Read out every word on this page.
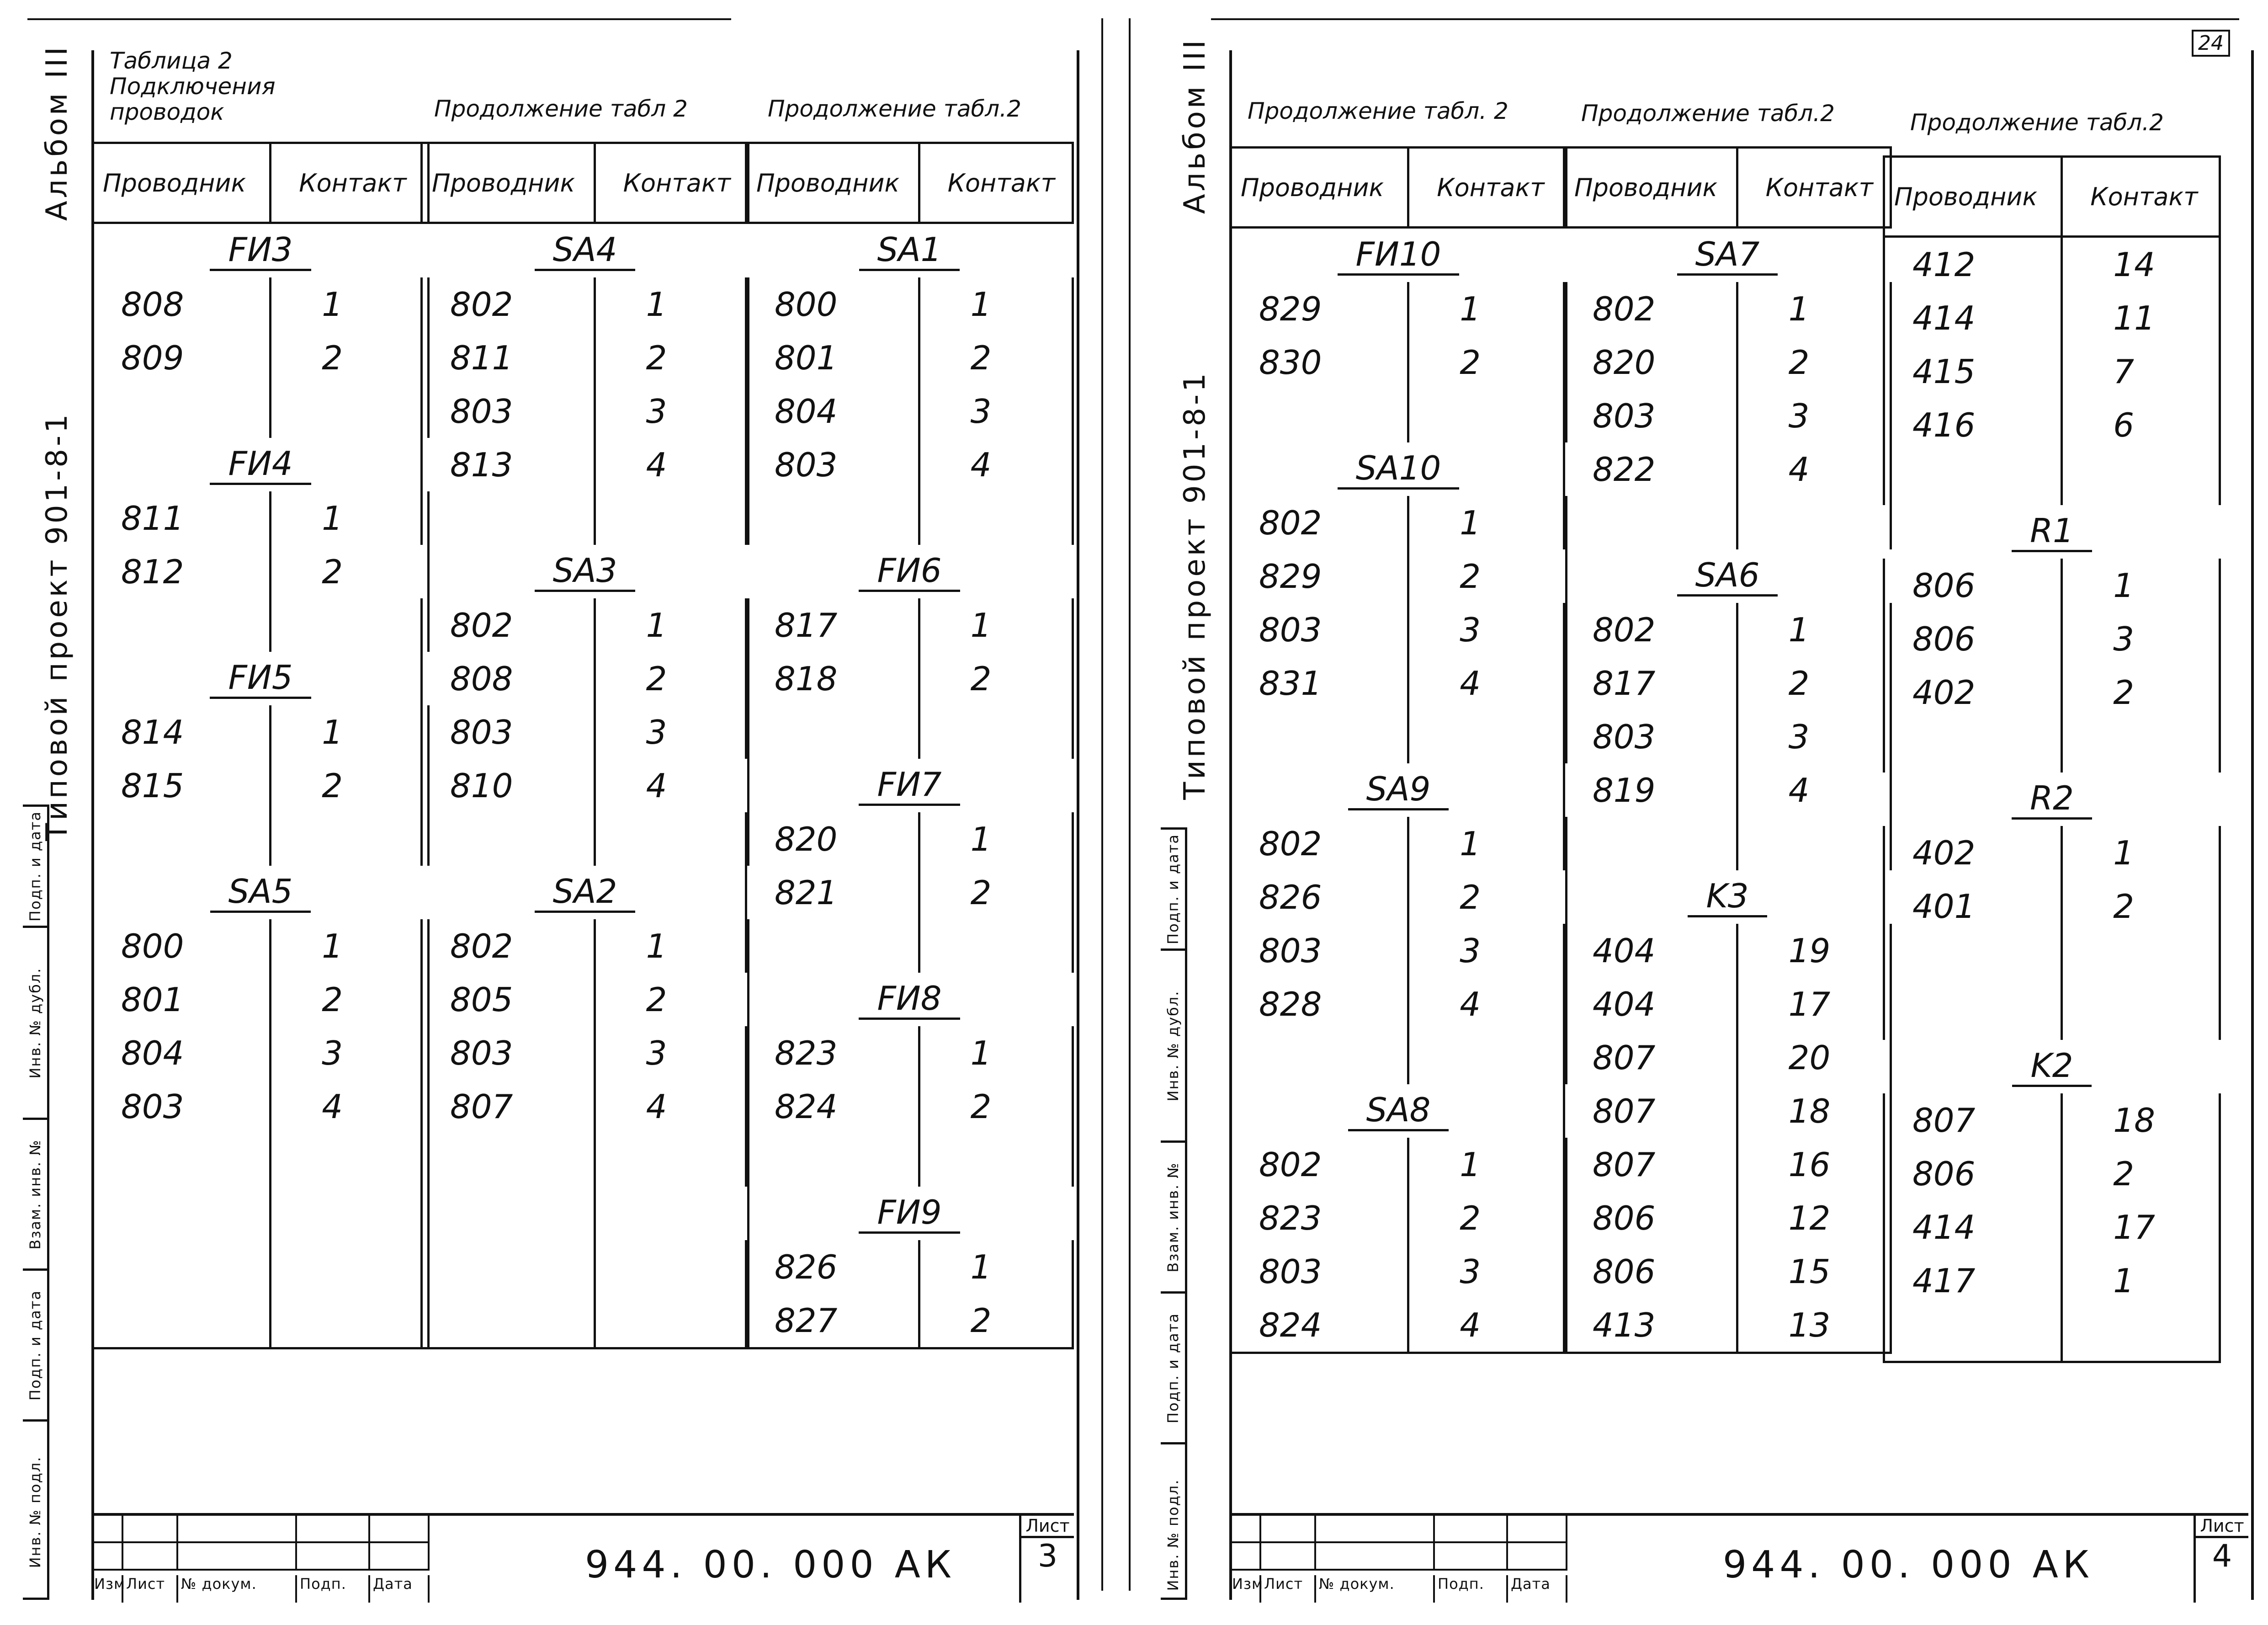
Альбом III
Типовой проект 901-8-1
Подп. и дата
Инв. № дубл.
Взам. инв. №
Подп. и дата
Инв. № подл.
Таблица 2 Подключения проводок	Продолжение табл 2	Продолжение табл.2
Проводник	Контакт
FИ3	
808	1
809	2

FИ4	
811	1
812	2

FИ5	
814	1
815	2

SA5	
800	1
801	2
804	3
803	4

Проводник	Контакт
SA4	
802	1
811	2
803	3
813	4

SA3	
802	1
808	2
803	3
810	4

SA2	
802	1
805	2
803	3
807	4

Проводник	Контакт
SA1	
800	1
801	2
804	3
803	4

FИ6	
817	1
818	2

FИ7	
820	1
821	2

FИ8	
823	1
824	2

FИ9	
826	1
827	2
Изм Лист	№ докум.	Подп.	Дата	944. 00. 000 АК
Лист
3
24
Альбом III
Типовой проект 901-8-1
Подп. и дата
Инв. № дубл.
Взам. инв. №
Подп. и дата
Инв. № подл.
Продолжение табл. 2	Продолжение табл.2	Продолжение табл.2
Проводник	Контакт
FИ10	
829	1
830	2

SA10	
802	1
829	2
803	3
831	4

SA9	
802	1
826	2
803	3
828	4

SA8	
802	1
823	2
803	3
824	4
Проводник	Контакт
SA7	
802	1
820	2
803	3
822	4

SA6	
802	1
817	2
803	3
819	4

K3	
404	19
404	17
807	20
807	18
807	16
806	12
806	15
413	13
Проводник	Контакт
412	14
414	11
415	7
416	6

R1	
806	1
806	3
402	2

R2	
402	1
401	2

K2	
807	18
806	2
414	17
417	1

Изм Лист	№ докум.	Подп.	Дата	944. 00. 000 АК
Лист
4
